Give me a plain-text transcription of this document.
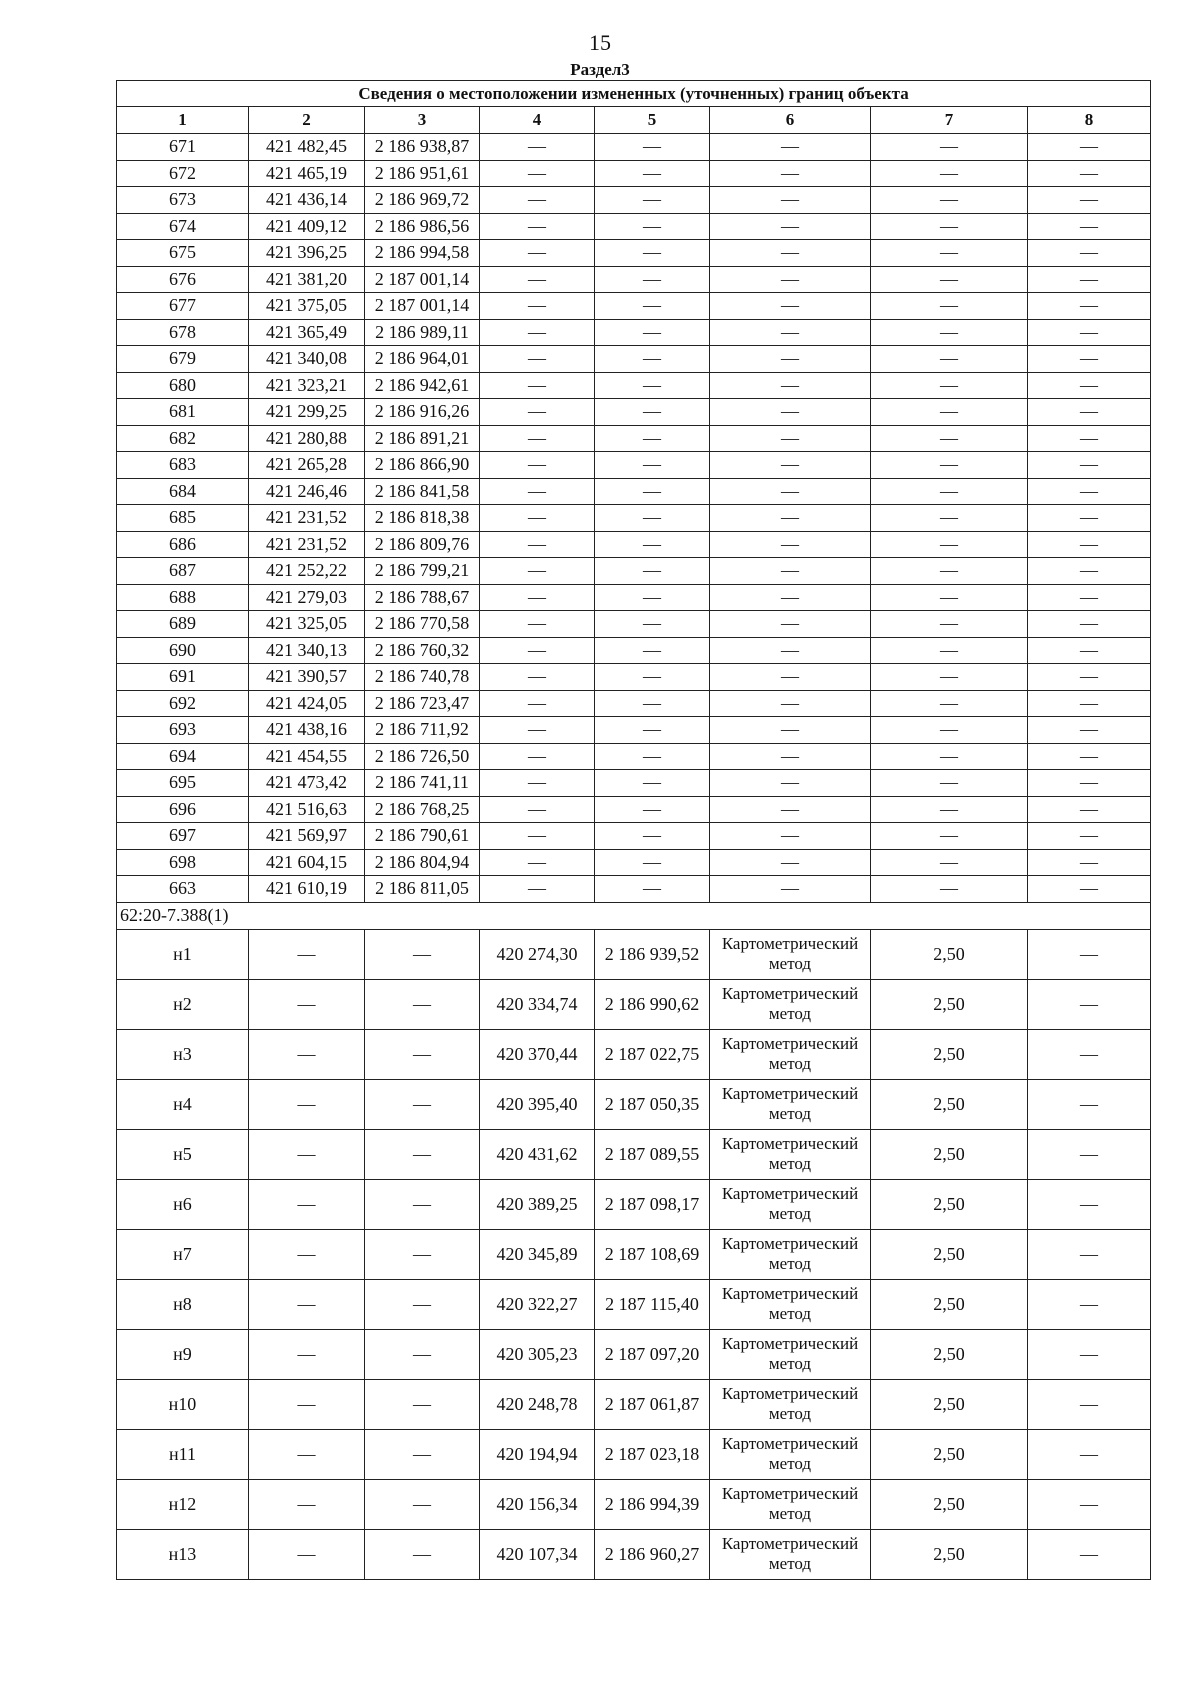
15
Раздел3
Сведения о местоположении измененных (уточненных) границ объекта							
1	2	3	4	5	6	7	8
671	421 482,45	2 186 938,87	—	—	—	—	—
672	421 465,19	2 186 951,61	—	—	—	—	—
673	421 436,14	2 186 969,72	—	—	—	—	—
674	421 409,12	2 186 986,56	—	—	—	—	—
675	421 396,25	2 186 994,58	—	—	—	—	—
676	421 381,20	2 187 001,14	—	—	—	—	—
677	421 375,05	2 187 001,14	—	—	—	—	—
678	421 365,49	2 186 989,11	—	—	—	—	—
679	421 340,08	2 186 964,01	—	—	—	—	—
680	421 323,21	2 186 942,61	—	—	—	—	—
681	421 299,25	2 186 916,26	—	—	—	—	—
682	421 280,88	2 186 891,21	—	—	—	—	—
683	421 265,28	2 186 866,90	—	—	—	—	—
684	421 246,46	2 186 841,58	—	—	—	—	—
685	421 231,52	2 186 818,38	—	—	—	—	—
686	421 231,52	2 186 809,76	—	—	—	—	—
687	421 252,22	2 186 799,21	—	—	—	—	—
688	421 279,03	2 186 788,67	—	—	—	—	—
689	421 325,05	2 186 770,58	—	—	—	—	—
690	421 340,13	2 186 760,32	—	—	—	—	—
691	421 390,57	2 186 740,78	—	—	—	—	—
692	421 424,05	2 186 723,47	—	—	—	—	—
693	421 438,16	2 186 711,92	—	—	—	—	—
694	421 454,55	2 186 726,50	—	—	—	—	—
695	421 473,42	2 186 741,11	—	—	—	—	—
696	421 516,63	2 186 768,25	—	—	—	—	—
697	421 569,97	2 186 790,61	—	—	—	—	—
698	421 604,15	2 186 804,94	—	—	—	—	—
663	421 610,19	2 186 811,05	—	—	—	—	—
62:20-7.388(1)							
н1	—	—	420 274,30	2 186 939,52	Картометрический метод	2,50	—
н2	—	—	420 334,74	2 186 990,62	Картометрический метод	2,50	—
н3	—	—	420 370,44	2 187 022,75	Картометрический метод	2,50	—
н4	—	—	420 395,40	2 187 050,35	Картометрический метод	2,50	—
н5	—	—	420 431,62	2 187 089,55	Картометрический метод	2,50	—
н6	—	—	420 389,25	2 187 098,17	Картометрический метод	2,50	—
н7	—	—	420 345,89	2 187 108,69	Картометрический метод	2,50	—
н8	—	—	420 322,27	2 187 115,40	Картометрический метод	2,50	—
н9	—	—	420 305,23	2 187 097,20	Картометрический метод	2,50	—
н10	—	—	420 248,78	2 187 061,87	Картометрический метод	2,50	—
н11	—	—	420 194,94	2 187 023,18	Картометрический метод	2,50	—
н12	—	—	420 156,34	2 186 994,39	Картометрический метод	2,50	—
н13	—	—	420 107,34	2 186 960,27	Картометрический метод	2,50	—
